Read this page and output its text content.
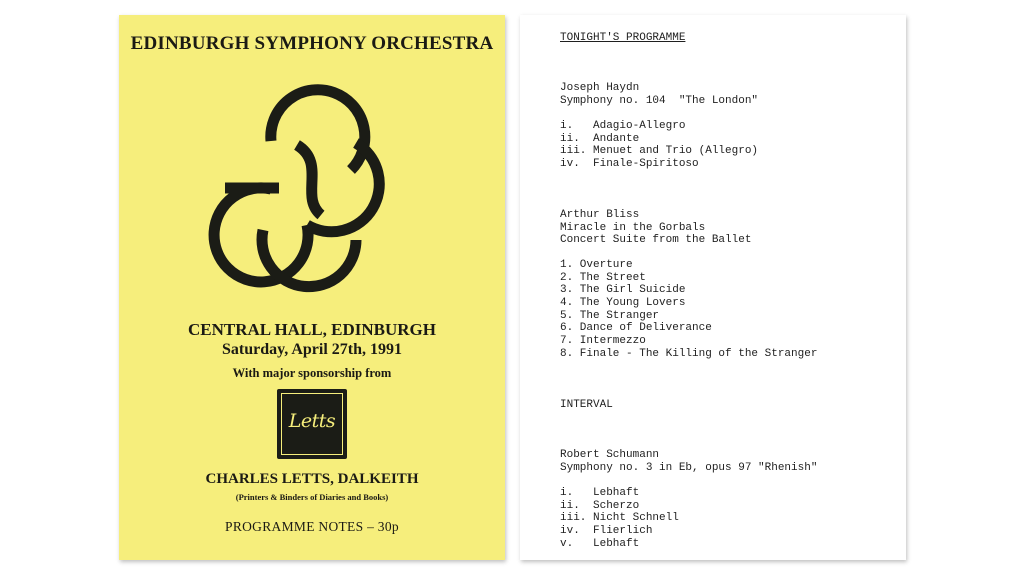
EDINBURGH SYMPHONY ORCHESTRA
CENTRAL HALL, EDINBURGH
Saturday, April 27th, 1991
With major sponsorship from
Letts
CHARLES LETTS, DALKEITH
(Printers & Binders of Diaries and Books)
PROGRAMME NOTES – 30p
TONIGHT'S PROGRAMME
Joseph Haydn
Symphony no. 104  "The London"
i.   Adagio-Allegro
ii.  Andante
iii. Menuet and Trio (Allegro)
iv.  Finale-Spiritoso
Arthur Bliss
Miracle in the Gorbals
Concert Suite from the Ballet
1. Overture
2. The Street
3. The Girl Suicide
4. The Young Lovers
5. The Stranger
6. Dance of Deliverance
7. Intermezzo
8. Finale - The Killing of the Stranger
INTERVAL
Robert Schumann
Symphony no. 3 in Eb, opus 97 "Rhenish"
i.   Lebhaft
ii.  Scherzo
iii. Nicht Schnell
iv.  Flierlich
v.   Lebhaft
